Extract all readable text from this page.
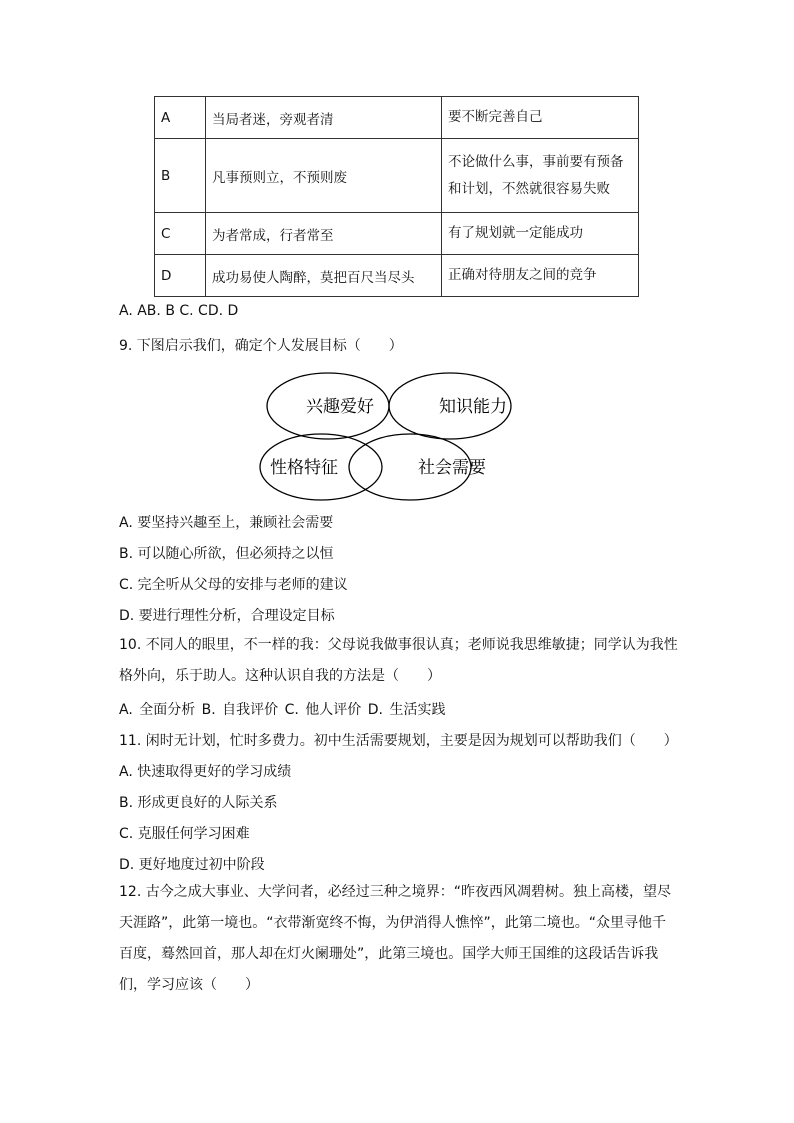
A	当局者迷，旁观者清	要不断完善自己
B	凡事预则立，不预则废	不论做什么事，事前要有预备和计划，不然就很容易失败
C	为者常成，行者常至	有了规划就一定能成功
D	成功易使人陶醉，莫把百尺当尽头	正确对待朋友之间的竞争
A. AB. B C. CD. D
9. 下图启示我们，确定个人发展目标（　　）
兴趣爱好	知识能力
性格特征	社会需要
A. 要坚持兴趣至上，兼顾社会需要
B. 可以随心所欲，但必须持之以恒
C. 完全听从父母的安排与老师的建议
D. 要进行理性分析，合理设定目标
10. 不同人的眼里，不一样的我：父母说我做事很认真；老师说我思维敏捷；同学认为我性格外向，乐于助人。这种认识自我的方法是（　　）
A. 全面分析 B. 自我评价 C. 他人评价 D. 生活实践
11. 闲时无计划，忙时多费力。初中生活需要规划，主要是因为规划可以帮助我们（　　）
A. 快速取得更好的学习成绩
B. 形成更良好的人际关系
C. 克服任何学习困难
D. 更好地度过初中阶段
12. 古今之成大事业、大学问者，必经过三种之境界：“昨夜西风凋碧树。独上高楼，望尽天涯路”，此第一境也。“衣带渐宽终不悔，为伊消得人憔悴”，此第二境也。“众里寻他千百度，蓦然回首，那人却在灯火阑珊处”，此第三境也。国学大师王国维的这段话告诉我们，学习应该（　　）
